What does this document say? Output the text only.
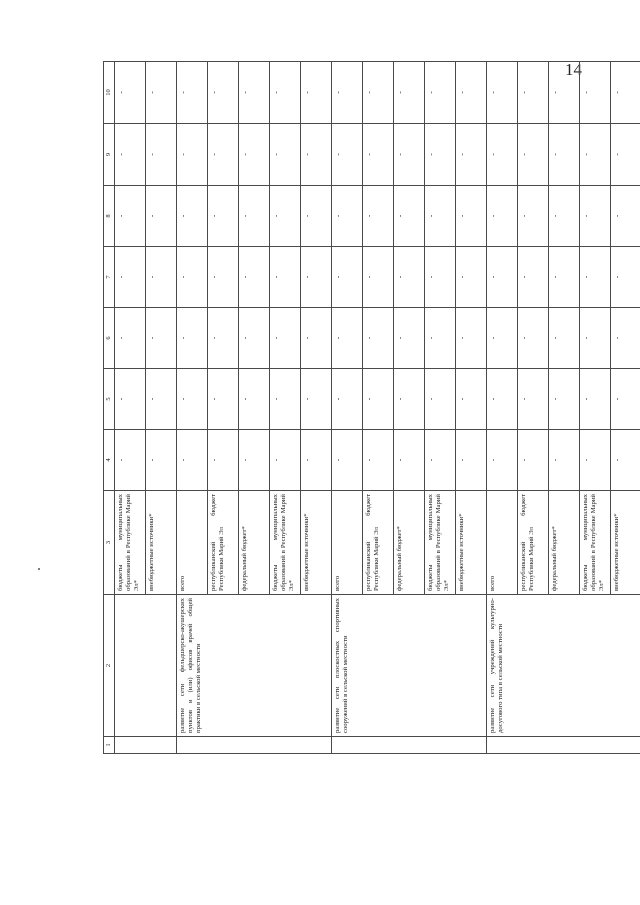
14
1	2	3	4	5	6	7	8	9	10
		бюджеты муниципальных образований в Республике Марий Эл*	-	-	-	-	-	-	-
		внебюджетные источники*	-	-	-	-	-	-	-
	развитие сети фельдшерско-акушерских пунктов и (или) офисов врачей общей практики в сельской местности	всего	-	-	-	-	-	-	-
		республиканский бюджет Республики Марий Эл	-	-	-	-	-	-	-
		федеральный бюджет*	-	-	-	-	-	-	-
		бюджеты муниципальных образований в Республике Марий Эл*	-	-	-	-	-	-	-
		внебюджетные источники*	-	-	-	-	-	-	-
	развитие сети плоскостных спортивных сооружений в сельской местности	всего	-	-	-	-	-	-	-
		республиканский бюджет Республики Марий Эл	-	-	-	-	-	-	-
		федеральный бюджет*	-	-	-	-	-	-	-
		бюджеты муниципальных образований в Республике Марий Эл*	-	-	-	-	-	-	-
		внебюджетные источники*	-	-	-	-	-	-	-
	развитие сети учреждений культурно-досугового типа в сельской местности	всего	-	-	-	-	-	-	-
		республиканский бюджет Республики Марий Эл	-	-	-	-	-	-	-
		федеральный бюджет*	-	-	-	-	-	-	-
		бюджеты муниципальных образований в Республике Марий Эл*	-	-	-	-	-	-	-
		внебюджетные источники*	-	-	-	-	-	-	-
